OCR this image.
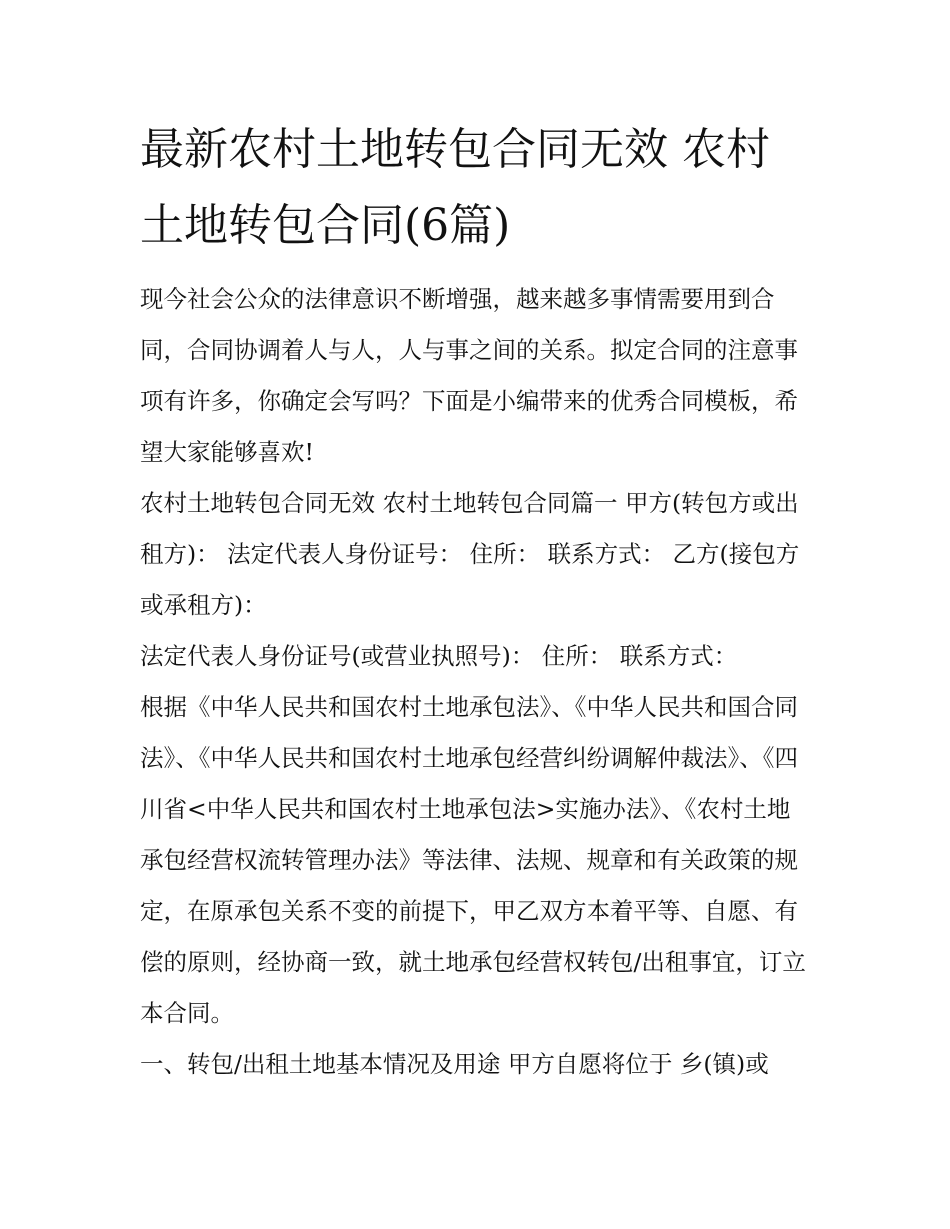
最新农村土地转包合同无效 农村土地转包合同(6篇)

现今社会公众的法律意识不断增强，越来越多事情需要用到合同，合同协调着人与人，人与事之间的关系。拟定合同的注意事项有许多，你确定会写吗？下面是小编带来的优秀合同模板，希望大家能够喜欢!

农村土地转包合同无效 农村土地转包合同篇一 甲方(转包方或出租方)： 法定代表人身份证号： 住所： 联系方式： 乙方(接包方或承租方)：

法定代表人身份证号(或营业执照号)： 住所： 联系方式：

根据《中华人民共和国农村土地承包法》、《中华人民共和国合同法》、《中华人民共和国农村土地承包经营纠纷调解仲裁法》、《四川省<中华人民共和国农村土地承包法>实施办法》、《农村土地承包经营权流转管理办法》等法律、法规、规章和有关政策的规定，在原承包关系不变的前提下，甲乙双方本着平等、自愿、有偿的原则，经协商一致，就土地承包经营权转包/出租事宜，订立本合同。

一、转包/出租土地基本情况及用途 甲方自愿将位于 乡(镇)或
